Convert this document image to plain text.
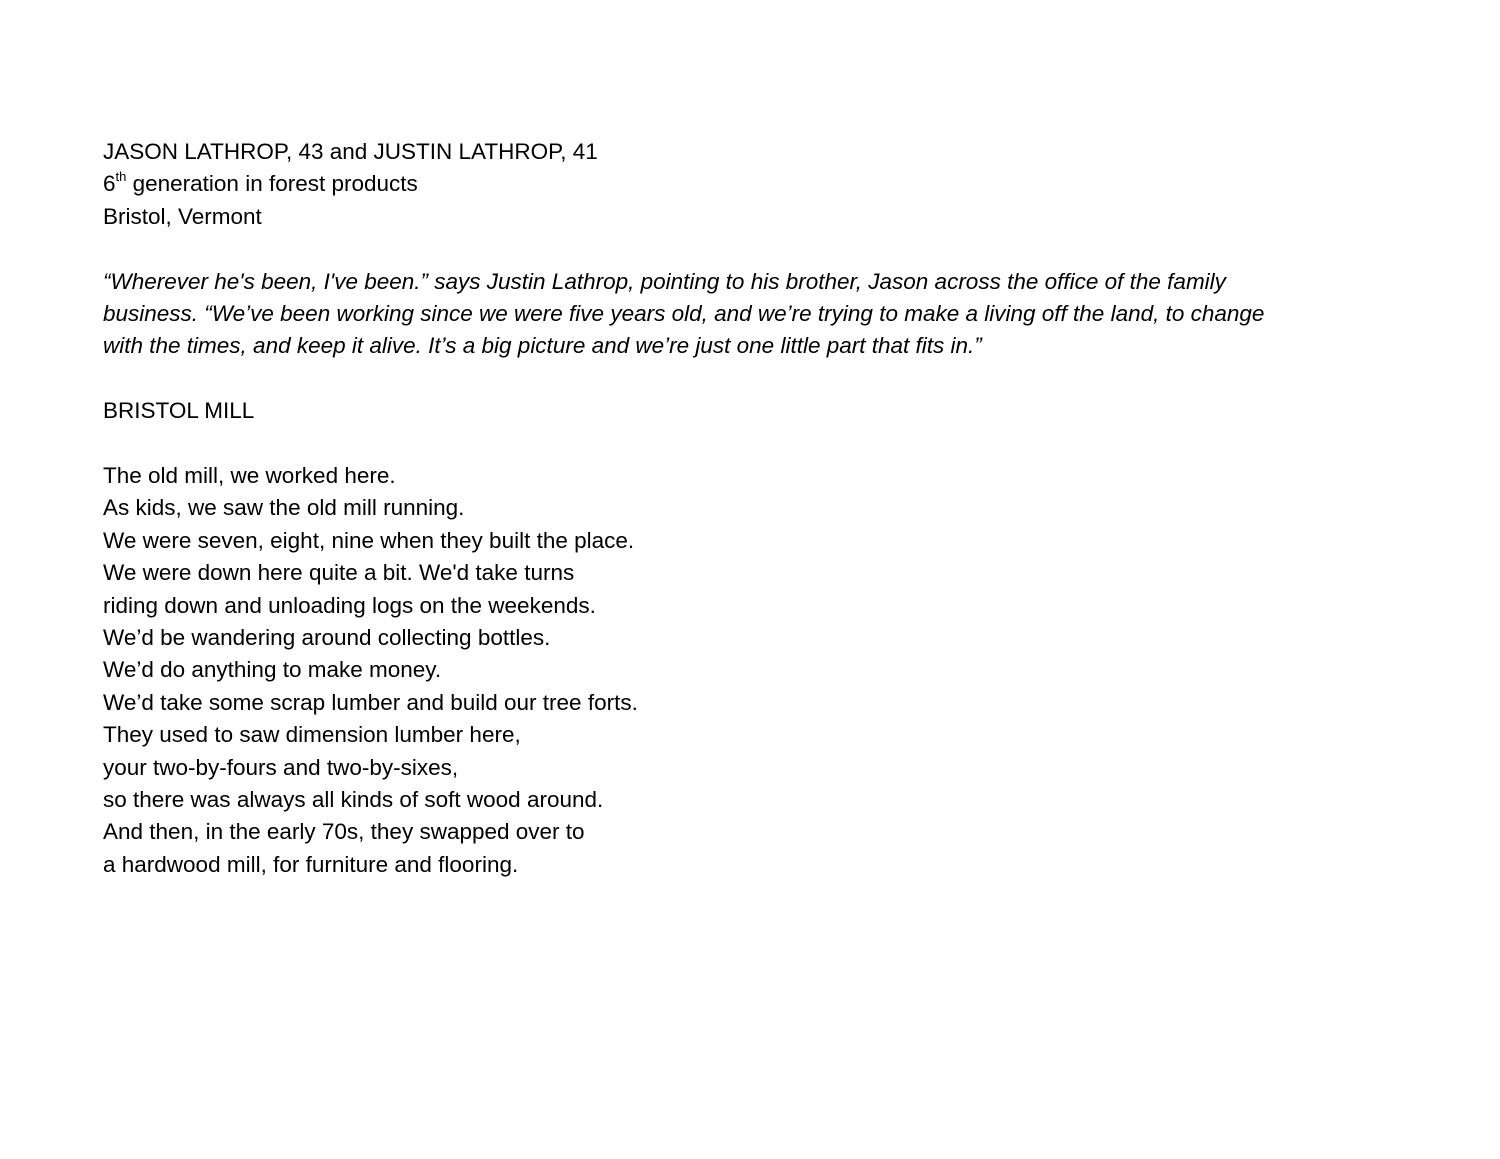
JASON LATHROP, 43 and JUSTIN LATHROP, 41
6th generation in forest products
Bristol, Vermont
“Wherever he's been, I've been.” says Justin Lathrop, pointing to his brother, Jason across the office of the family
business. “We’ve been working since we were five years old, and we’re trying to make a living off the land, to change
with the times, and keep it alive. It’s a big picture and we’re just one little part that fits in.”
BRISTOL MILL
The old mill, we worked here.
As kids, we saw the old mill running.
We were seven, eight, nine when they built the place.
We were down here quite a bit. We'd take turns
riding down and unloading logs on the weekends.
We’d be wandering around collecting bottles.
We’d do anything to make money.
We’d take some scrap lumber and build our tree forts.
They used to saw dimension lumber here,
your two-by-fours and two-by-sixes,
so there was always all kinds of soft wood around.
And then, in the early 70s, they swapped over to
a hardwood mill, for furniture and flooring.
